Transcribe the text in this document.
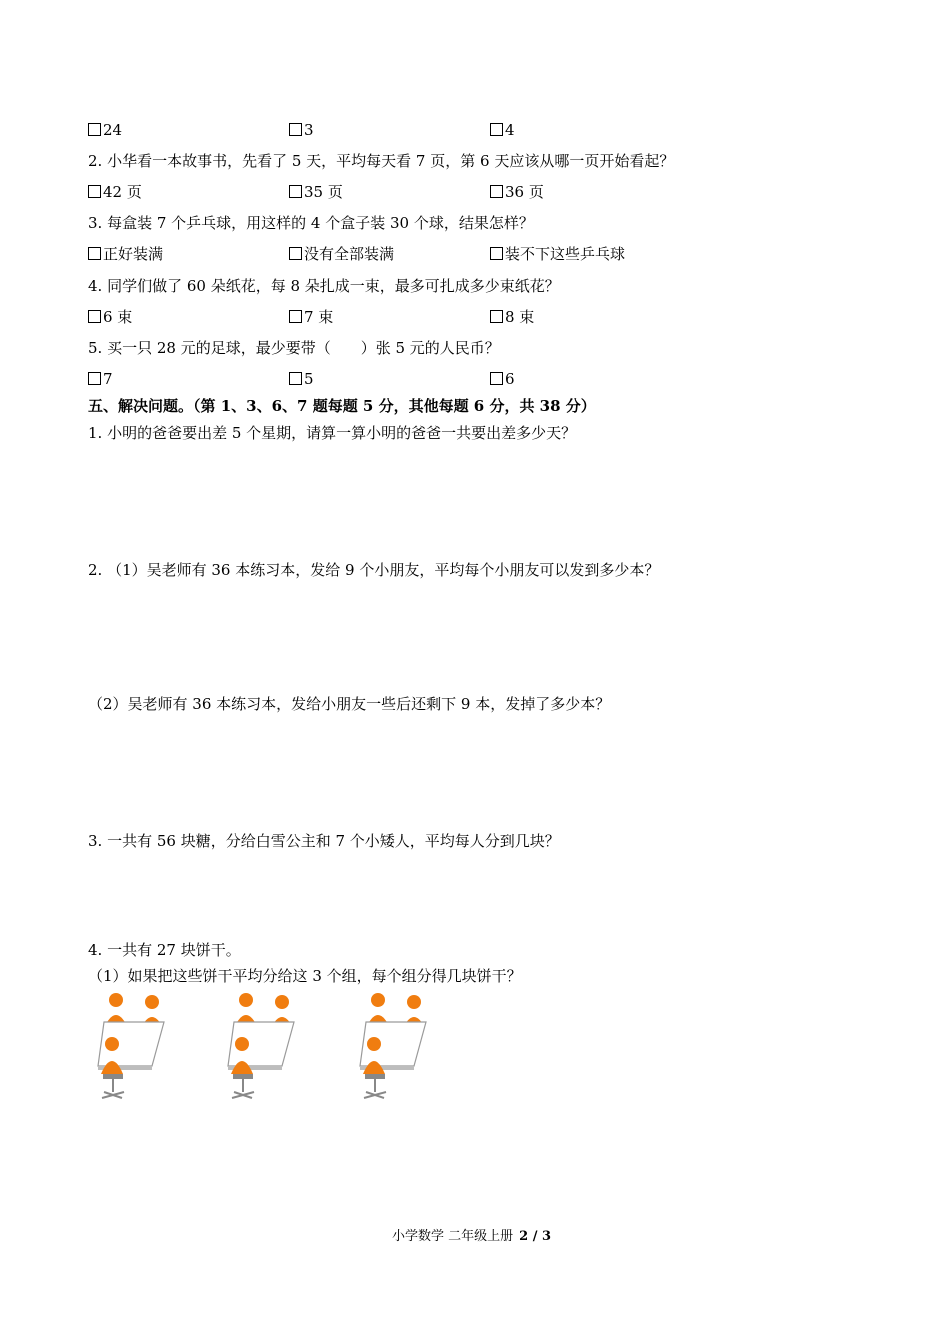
24	3	4
2. 小华看一本故事书，先看了 5 天，平均每天看 7 页，第 6 天应该从哪一页开始看起？
42 页	35 页	36 页
3. 每盒装 7 个乒乓球，用这样的 4 个盒子装 30 个球，结果怎样？
正好装满	没有全部装满	装不下这些乒乓球
4. 同学们做了 60 朵纸花，每 8 朵扎成一束，最多可扎成多少束纸花？
6 束	7 束	8 束
5. 买一只 28 元的足球，最少要带（　　）张 5 元的人民币？
7	5	6
五、解决问题。（第 1、3、6、7 题每题 5 分，其他每题 6 分，共 38 分）
1. 小明的爸爸要出差 5 个星期，请算一算小明的爸爸一共要出差多少天？
2. （1）吴老师有 36 本练习本，发给 9 个小朋友，平均每个小朋友可以发到多少本？
（2）吴老师有 36 本练习本，发给小朋友一些后还剩下 9 本，发掉了多少本？
3. 一共有 56 块糖，分给白雪公主和 7 个小矮人，平均每人分到几块？
4. 一共有 27 块饼干。
（1）如果把这些饼干平均分给这 3 个组，每个组分得几块饼干？
小学数学 二年级上册 2 / 3
